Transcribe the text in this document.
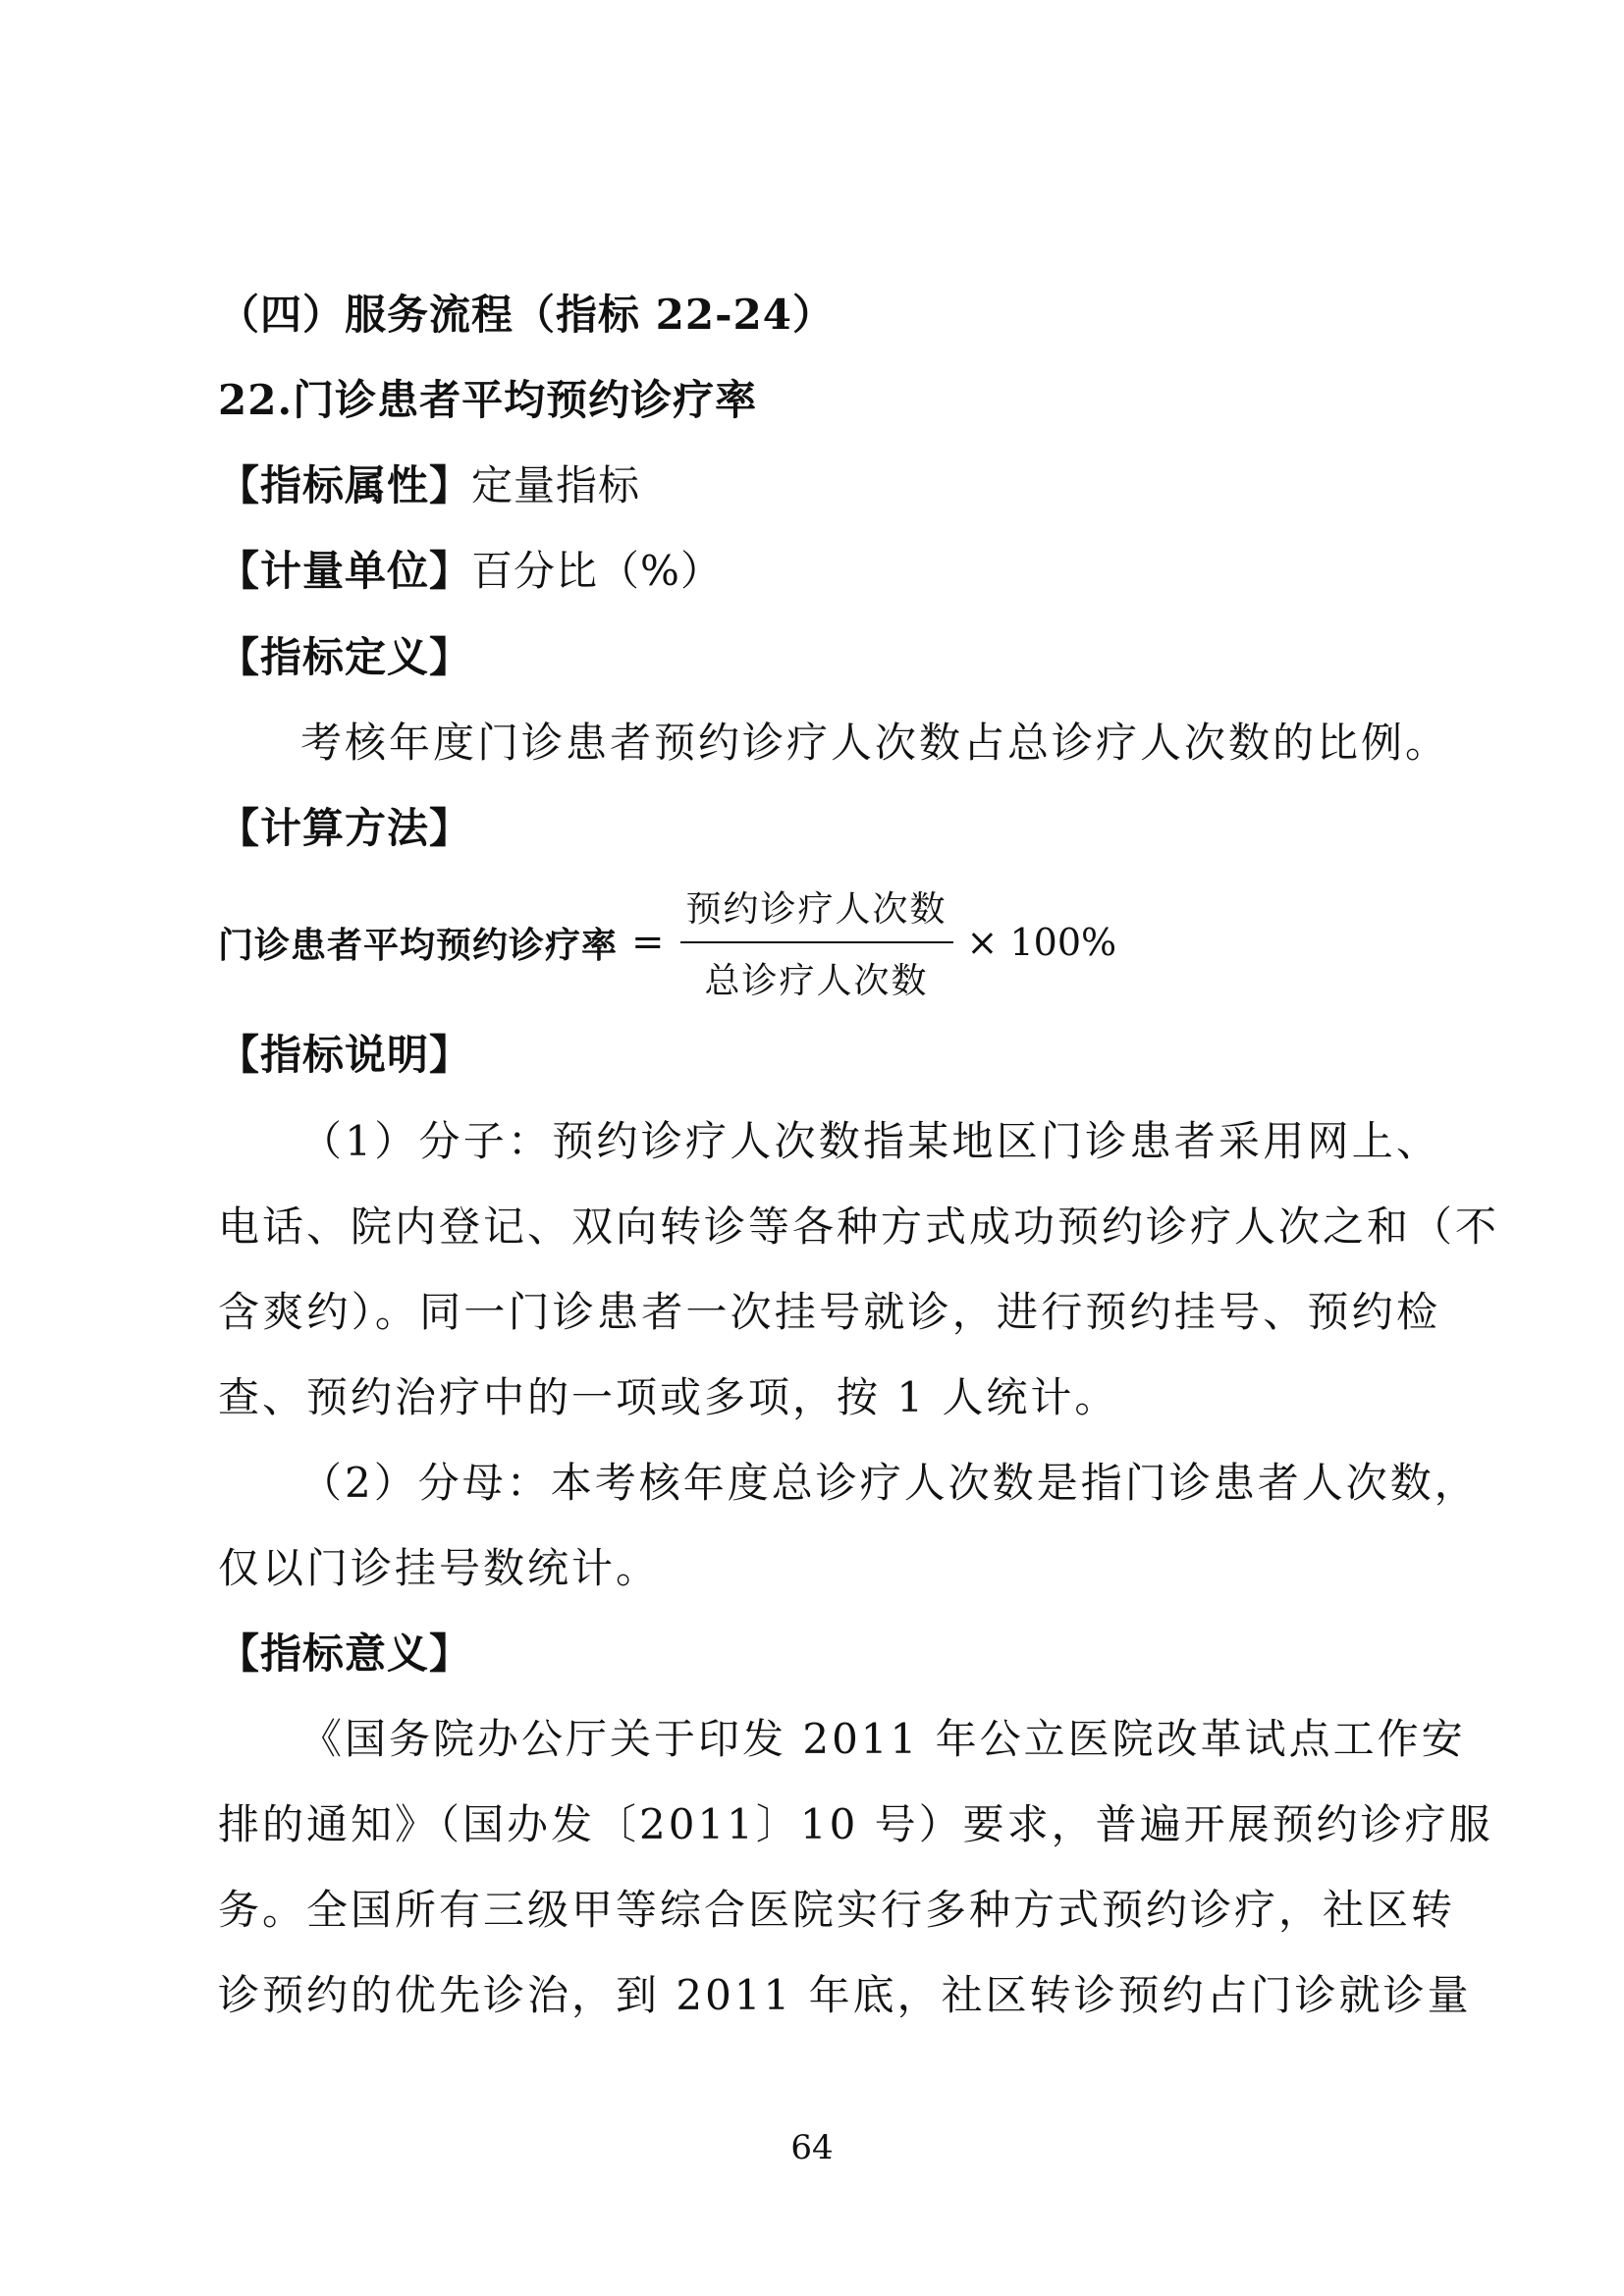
（四）服务流程（指标 22-24）
22.门诊患者平均预约诊疗率
【指标属性】定量指标
【计量单位】百分比（%）
【指标定义】
考核年度门诊患者预约诊疗人次数占总诊疗人次数的比例。
【计算方法】
门诊患者平均预约诊疗率 = $\frac{\text{预约诊疗人次数}}{\text{总诊疗人次数}} \times 100\%$
【指标说明】
（1）分子：预约诊疗人次数指某地区门诊患者采用网上、
电话、院内登记、双向转诊等各种方式成功预约诊疗人次之和（不
含爽约）。同一门诊患者一次挂号就诊，进行预约挂号、预约检
查、预约治疗中的一项或多项，按 1 人统计。
（2）分母：本考核年度总诊疗人次数是指门诊患者人次数，
仅以门诊挂号数统计。
【指标意义】
《国务院办公厅关于印发 2011 年公立医院改革试点工作安
排的通知》（国办发〔2011〕10 号）要求，普遍开展预约诊疗服
务。全国所有三级甲等综合医院实行多种方式预约诊疗，社区转
诊预约的优先诊治，到 2011 年底，社区转诊预约占门诊就诊量
64
